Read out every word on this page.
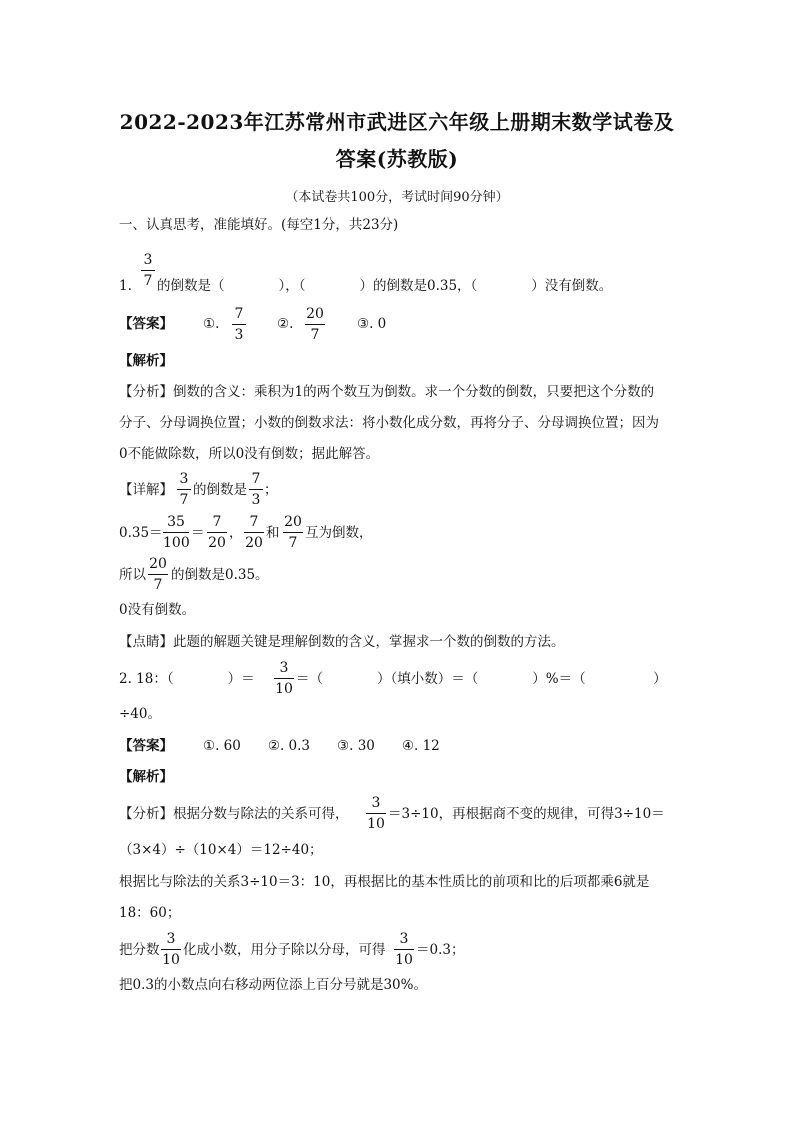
2022-2023年江苏常州市武进区六年级上册期末数学试卷及
答案(苏教版)
（本试卷共100分，考试时间90分钟）
一、认真思考，准能填好。(每空1分，共23分)
1.
3
7 的倒数是（　　　　），（　　　　）的倒数是0.35，（　　　　）没有倒数。
【答案】 ①.
7
3
②.
20
7
③. 0
【解析】
【分析】倒数的含义：乘积为1的两个数互为倒数。求一个分数的倒数，只要把这个分数的
分子、分母调换位置；小数的倒数求法：将小数化成分数，再将分子、分母调换位置；因为
0不能做除数，所以0没有倒数；据此解答。
【详解】
3
7
的倒数是
7
3
；
0.35＝
35
100
＝
7
20
，
7
20
和
20
7
互为倒数，
所以
20
7
的倒数是0.35。
0没有倒数。
【点睛】此题的解题关键是理解倒数的含义，掌握求一个数的倒数的方法。
2. 18：（　　　　）＝
3
10
＝（　　　　）（填小数）＝（　　　　）%＝（　　　　　）
÷40。
【答案】 ①. 60　　②. 0.3　　③. 30　　④. 12
【解析】
【分析】根据分数与除法的关系可得，
3
10
＝3÷10，再根据商不变的规律，可得3÷10＝
（3×4）÷（10×4）＝12÷40；
根据比与除法的关系3÷10＝3：10，再根据比的基本性质比的前项和比的后项都乘6就是
18：60；
把分数
3
10
化成小数，用分子除以分母，可得
3
10
＝0.3；
把0.3的小数点向右移动两位添上百分号就是30%。
